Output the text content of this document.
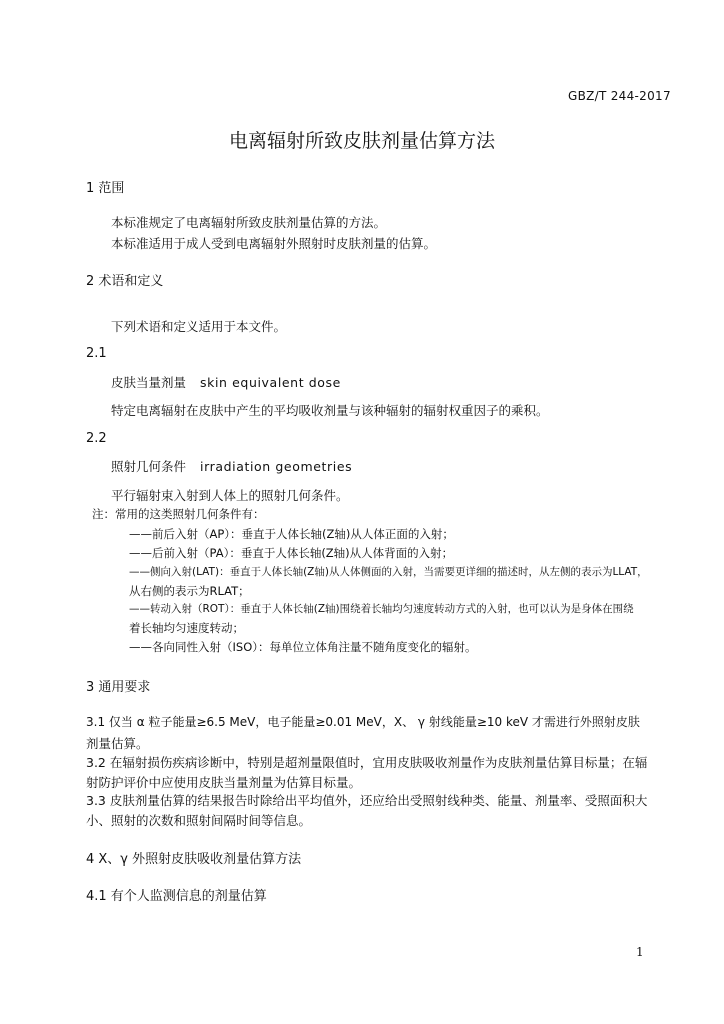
GBZ/T 244-2017
电离辐射所致皮肤剂量估算方法
1 范围
本标准规定了电离辐射所致皮肤剂量估算的方法。
本标准适用于成人受到电离辐射外照射时皮肤剂量的估算。
2 术语和定义
下列术语和定义适用于本文件。
2.1
皮肤当量剂量 skin equivalent dose
特定电离辐射在皮肤中产生的平均吸收剂量与该种辐射的辐射权重因子的乘积。
2.2
照射几何条件 irradiation geometries
平行辐射束入射到人体上的照射几何条件。
注：常用的这类照射几何条件有：
——前后入射（AP）：垂直于人体长轴(Z轴)从人体正面的入射；
——后前入射（PA）：垂直于人体长轴(Z轴)从人体背面的入射；
——侧向入射(LAT)：垂直于人体长轴(Z轴)从人体侧面的入射，当需要更详细的描述时，从左侧的表示为LLAT，
从右侧的表示为RLAT；
——转动入射（ROT）：垂直于人体长轴(Z轴)围绕着长轴均匀速度转动方式的入射，也可以认为是身体在围绕
着长轴均匀速度转动；
——各向同性入射（ISO）：每单位立体角注量不随角度变化的辐射。
3 通用要求
3.1 仅当 α 粒子能量≥6.5 MeV，电子能量≥0.01 MeV，X、 γ 射线能量≥10 keV 才需进行外照射皮肤
剂量估算。
3.2 在辐射损伤疾病诊断中，特别是超剂量限值时，宜用皮肤吸收剂量作为皮肤剂量估算目标量；在辐
射防护评价中应使用皮肤当量剂量为估算目标量。
3.3 皮肤剂量估算的结果报告时除给出平均值外，还应给出受照射线种类、能量、剂量率、受照面积大
小、照射的次数和照射间隔时间等信息。
4 X、γ 外照射皮肤吸收剂量估算方法
4.1 有个人监测信息的剂量估算
1
